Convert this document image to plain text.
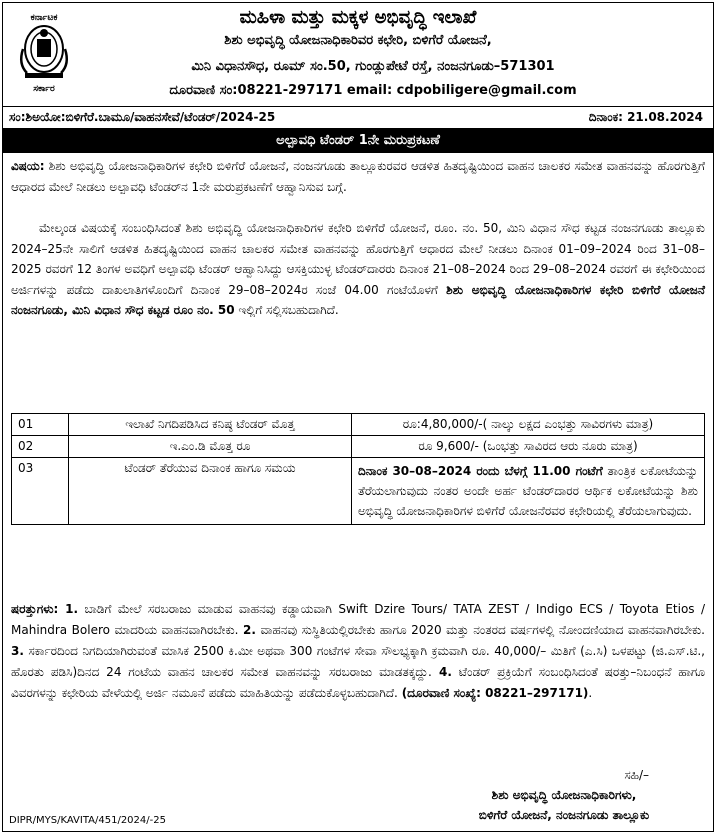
ಕರ್ನಾಟಕ
ಸರ್ಕಾರ
ಮಹಿಳಾ ಮತ್ತು ಮಕ್ಕಳ ಅಭಿವೃದ್ಧಿ ಇಲಾಖೆ
ಶಿಶು ಅಭಿವೃದ್ಧಿ ಯೋಜನಾಧಿಕಾರಿವರ ಕಛೇರಿ, ಬಿಳಿಗೆರೆ ಯೋಜನೆ,
ಮಿನಿ ವಿಧಾನಸೌಧ, ರೂಮ್ ಸಂ.50, ಗುಂಡ್ಲುಪೇಟೆ ರಸ್ತೆ, ನಂಜನಗೂಡು–571301
ದೂರವಾಣಿ ಸಂ:08221-297171 email: cdpobiligere@gmail.com
ಸಂ:ಶಿಅಯೋ:ಬಿಳಿಗೆರೆ.ಬಾಮೂ/ವಾಹನಸೇವೆ/ಟೆಂಡರ್/2024-25	ದಿನಾಂಕ: 21.08.2024
ಅಲ್ಪಾವಧಿ ಟೆಂಡರ್ 1ನೇ ಮರುಪ್ರಕಟಣೆ
ವಿಷಯ: ಶಿಶು ಅಭಿವೃದ್ಧಿ ಯೋಜನಾಧಿಕಾರಿಗಳ ಕಛೇರಿ ಬಿಳಿಗೆರೆ ಯೋಜನೆ, ನಂಜನಗೂಡು ತಾಲ್ಲೂಕುರವರ ಆಡಳಿತ ಹಿತದೃಷ್ಟಿಯಿಂದ ವಾಹನ ಚಾಲಕರ ಸಮೇತ ವಾಹನವನ್ನು ಹೊರಗುತ್ತಿಗೆ ಆಧಾರದ ಮೇಲೆ ನೀಡಲು ಅಲ್ಪಾವಧಿ ಟೆಂಡರ್‌ನ 1ನೇ ಮರುಪ್ರಕಟಣೆಗೆ ಆಹ್ವಾನಿಸುವ ಬಗ್ಗೆ.
ಮೇಲ್ಕಂಡ ವಿಷಯಕ್ಕೆ ಸಂಬಂಧಿಸಿದಂತೆ ಶಿಶು ಅಭಿವೃದ್ಧಿ ಯೋಜನಾಧಿಕಾರಿಗಳ ಕಛೇರಿ ಬಿಳಿಗೆರೆ ಯೋಜನೆ, ರೂಂ. ನಂ. 50, ಮಿನಿ ವಿಧಾನ ಸೌಧ ಕಟ್ಟಡ ನಂಜನಗೂಡು ತಾಲ್ಲೂಕು 2024–25ನೇ ಸಾಲಿಗೆ ಆಡಳಿತ ಹಿತದೃಷ್ಟಿಯಿಂದ ವಾಹನ ಚಾಲಕರ ಸಮೇತ ವಾಹನವನ್ನು ಹೊರಗುತ್ತಿಗೆ ಆಧಾರದ ಮೇಲೆ ನೀಡಲು ದಿನಾಂಕ 01–09–2024 ರಿಂದ 31–08–2025 ರವರಗೆ 12 ತಿಂಗಳ ಅವಧಿಗೆ ಅಲ್ಪಾವಧಿ ಟೆಂಡರ್ ಆಹ್ವಾನಿಸಿದ್ದು ಆಸಕ್ತಿಯುಳ್ಳ ಟೆಂಡರ್‌ದಾರರು ದಿನಾಂಕ 21–08–2024 ರಿಂದ 29–08–2024 ರವರಗೆ ಈ ಕಛೇರಿಯಿಂದ ಅರ್ಜಿಗಳನ್ನು ಪಡೆದು ದಾಖಲಾತಿಗಳೊಂದಿಗೆ ದಿನಾಂಕ 29–08–2024ರ ಸಂಜೆ 04.00 ಗಂಟೆಯೊಳಗೆ ಶಿಶು ಅಭಿವೃದ್ಧಿ ಯೋಜನಾಧಿಕಾರಿಗಳ ಕಛೇರಿ ಬಿಳಿಗೆರೆ ಯೋಜನೆ ನಂಜನಗೂಡು, ಮಿನಿ ವಿಧಾನ ಸೌಧ ಕಟ್ಟಡ ರೂಂ ನಂ. 50 ಇಲ್ಲಿಗೆ ಸಲ್ಲಿಸಬಹುದಾಗಿದೆ.
01	ಇಲಾಖೆ ನಿಗದಿಪಡಿಸಿದ ಕನಿಷ್ಠ ಟೆಂಡರ್ ಮೊತ್ತ	ರೂ:4,80,000/-( ನಾಲ್ಕು ಲಕ್ಷದ ಎಂಭತ್ತು ಸಾವಿರಗಳು ಮಾತ್ರ)
02	ಇ.ಎಂ.ಡಿ ಮೊತ್ತ ರೂ	ರೂ 9,600/- (ಒಂಭತ್ತು ಸಾವಿರದ ಆರು ನೂರು ಮಾತ್ರ)
03	ಟೆಂಡರ್ ತೆರೆಯುವ ದಿನಾಂಕ ಹಾಗೂ ಸಮಯ	ದಿನಾಂಕ 30–08–2024 ರಂದು ಬೆಳಗ್ಗೆ 11.00 ಗಂಟೆಗೆ ತಾಂತ್ರಿಕ ಲಕೋಟೆಯನ್ನು ತೆರೆಯಲಾಗುವುದು ನಂತರ ಅಂದೇ ಅರ್ಹ ಟೆಂಡರ್‌ದಾರರ ಆರ್ಥಿಕ ಲಕೋಟೆಯನ್ನು ಶಿಶು ಅಭಿವೃದ್ಧಿ ಯೋಜನಾಧಿಕಾರಿಗಳ ಬಿಳಿಗೆರೆ ಯೋಜನೆರವರ ಕಛೇರಿಯಲ್ಲಿ ತೆರೆಯಲಾಗುವುದು.
ಷರತ್ತುಗಳು: 1. ಬಾಡಿಗೆ ಮೇಲೆ ಸರಬರಾಜು ಮಾಡುವ ವಾಹನವು ಕಡ್ಡಾಯವಾಗಿ Swift Dzire Tours/ TATA ZEST / Indigo ECS / Toyota Etios / Mahindra Bolero ಮಾದರಿಯ ವಾಹನವಾಗಿರಬೇಕು. 2. ವಾಹನವು ಸುಸ್ಥಿತಿಯಲ್ಲಿರಬೇಕು ಹಾಗೂ 2020 ಮತ್ತು ನಂತರದ ವರ್ಷಗಳಲ್ಲಿ ನೋಂದಣಿಯಾದ ವಾಹನವಾಗಿರಬೇಕು. 3. ಸರ್ಕಾರದಿಂದ ನಿಗದಿಯಾಗಿರುವಂತೆ ಮಾಸಿಕ 2500 ಕಿ.ಮೀ ಅಥವಾ 300 ಗಂಟೆಗಳ ಸೇವಾ ಸೌಲಭ್ಯಕ್ಕಾಗಿ ಕ್ರಮವಾಗಿ ರೂ. 40,000/– ಮಿತಿಗೆ (ಎ.ಸಿ) ಒಳಪಟ್ಟು (ಜಿ.ಎಸ್.ಟಿ., ಹೊರತು ಪಡಿಸಿ)ದಿನದ 24 ಗಂಟೆಯ ವಾಹನ ಚಾಲಕರ ಸಮೇತ ವಾಹನವನ್ನು ಸರಬರಾಜು ಮಾಡತಕ್ಕದ್ದು. 4. ಟೆಂಡರ್ ಪ್ರಕ್ರಿಯೆಗೆ ಸಂಬಂಧಿಸಿದಂತೆ ಷರತ್ತು–ನಿಬಂಧನೆ ಹಾಗೂ ವಿವರಗಳನ್ನು ಕಛೇರಿಯ ವೇಳೆಯಲ್ಲಿ ಅರ್ಜಿ ನಮೂನೆ ಪಡೆದು ಮಾಹಿತಿಯನ್ನು ಪಡೆದುಕೊಳ್ಳಬಹುದಾಗಿದೆ. (ದೂರವಾಣಿ ಸಂಖ್ಯೆ: 08221–297171).
ಸಹಿ/–
ಶಿಶು ಅಭಿವೃದ್ಧಿ ಯೋಜನಾಧಿಕಾರಿಗಳು,
ಬಿಳಿಗೆರೆ ಯೋಜನೆ, ನಂಜನಗೂಡು ತಾಲ್ಲೂಕು
DIPR/MYS/KAVITA/451/2024/-25
